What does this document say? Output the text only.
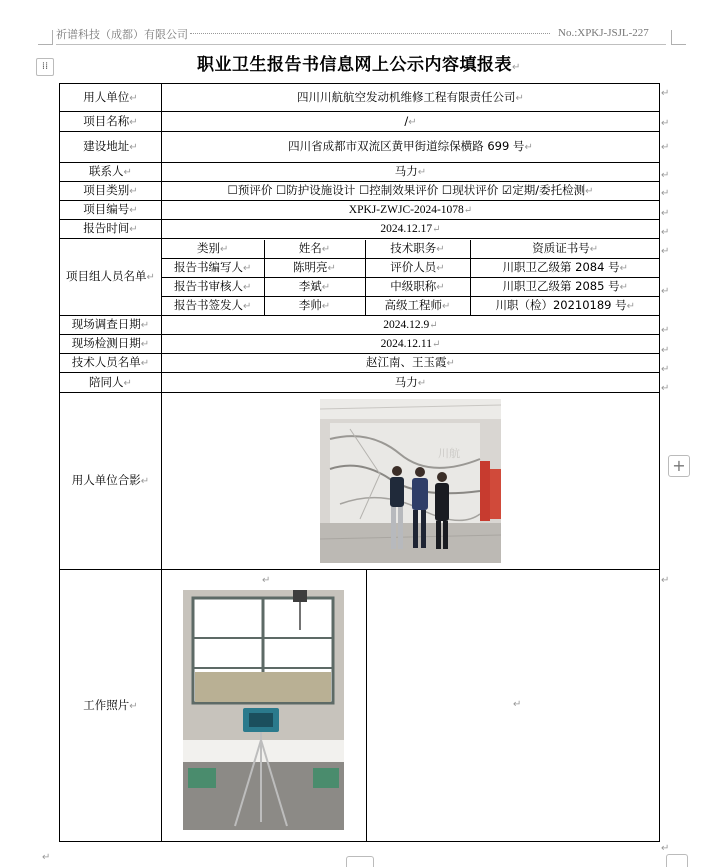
祈谱科技（成都）有限公司	No.:XPKJ-JSJL-227
⁞⁞	职业卫生报告书信息网上公示内容填报表↵
用人单位↵	四川川航航空发动机维修工程有限责任公司↵
项目名称↵	/↵
建设地址↵	四川省成都市双流区黄甲街道综保横路 699 号↵
联系人↵	马力↵
项目类别↵	☐预评价 ☐防护设施设计 ☐控制效果评价 ☐现状评价 ☑定期/委托检测↵
项目编号↵	XPKJ-ZWJC-2024-1078↵
报告时间↵	2024.12.17↵
项目组人员名单↵	
类别↵	姓名↵	技术职务↵	资质证书号↵
报告书编写人↵	陈明亮↵	评价人员↵	川职卫乙级第 2084 号↵
报告书审核人↵	李斌↵	中级职称↵	川职卫乙级第 2085 号↵
报告书签发人↵	李帅↵	高级工程师↵	川职（检）20210189 号↵

现场调查日期↵	2024.12.9↵
现场检测日期↵	2024.12.11↵
技术人员名单↵	赵江南、王玉霞↵
陪同人↵	马力↵
用人单位合影↵	
川航

工作照片↵	
↵
↵
↵
↵
↵
↵
↵
↵
↵
↵
↵
↵
↵
↵
↵
↵
↵
+
↵
